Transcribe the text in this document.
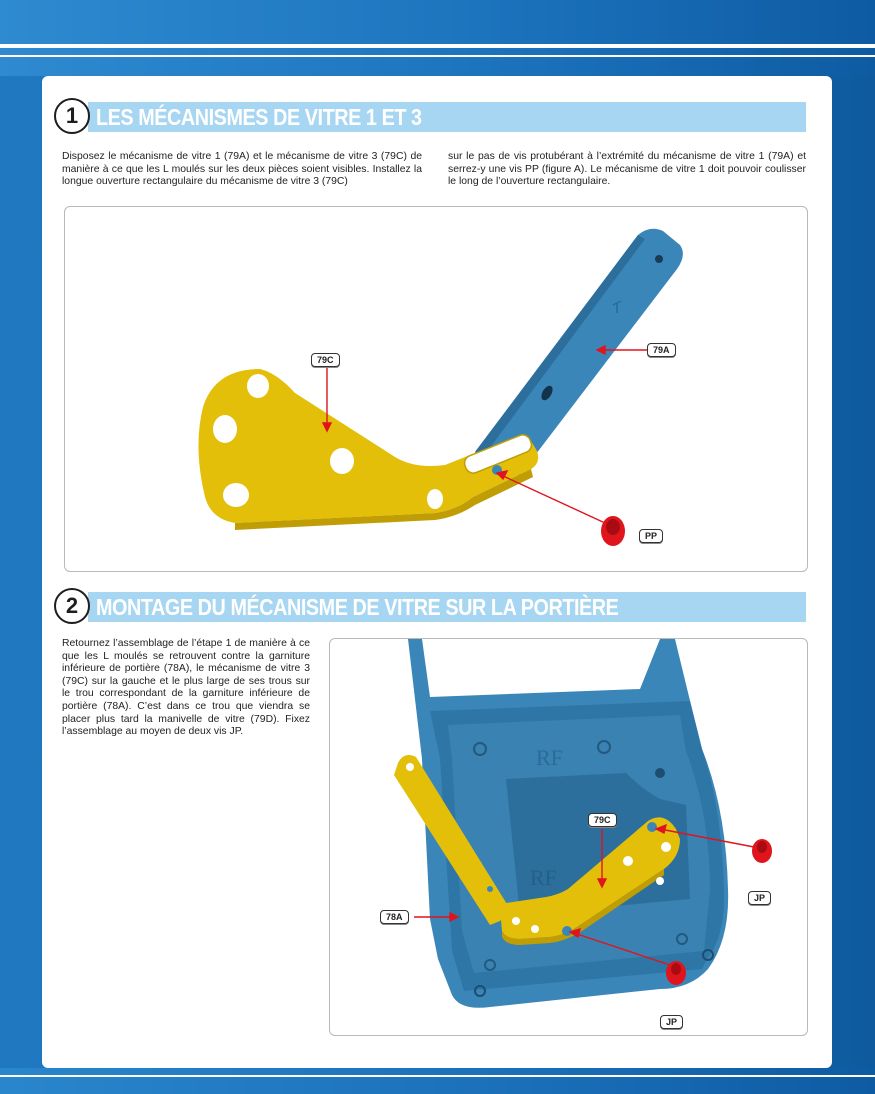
1 LES MÉCANISMES DE VITRE 1 ET 3
Disposez le mécanisme de vitre 1 (79A) et le mécanisme de vitre 3 (79C) de manière à ce que les L moulés sur les deux pièces soient visibles. Installez la longue ouverture rectangulaire du mécanisme de vitre 3 (79C)
sur le pas de vis protubérant à l’extrémité du mécanisme de vitre 1 (79A) et serrez-y une vis PP (figure A). Le mécanisme de vitre 1 doit pouvoir coulisser le long de l’ouverture rectangulaire.
79C
79A
PP
2 MONTAGE DU MÉCANISME DE VITRE SUR LA PORTIÈRE
Retournez l’assemblage de l’étape 1 de manière à ce que les L moulés se retrouvent contre la garniture inférieure de portière (78A), le mécanisme de vitre 3 (79C) sur la gauche et le plus large de ses trous sur le trou correspondant de la garniture inférieure de portière (78A). C’est dans ce trou que viendra se placer plus tard la manivelle de vitre (79D). Fixez l’assemblage au moyen de deux vis JP.
RF
RF
79C
78A
JP
JP
